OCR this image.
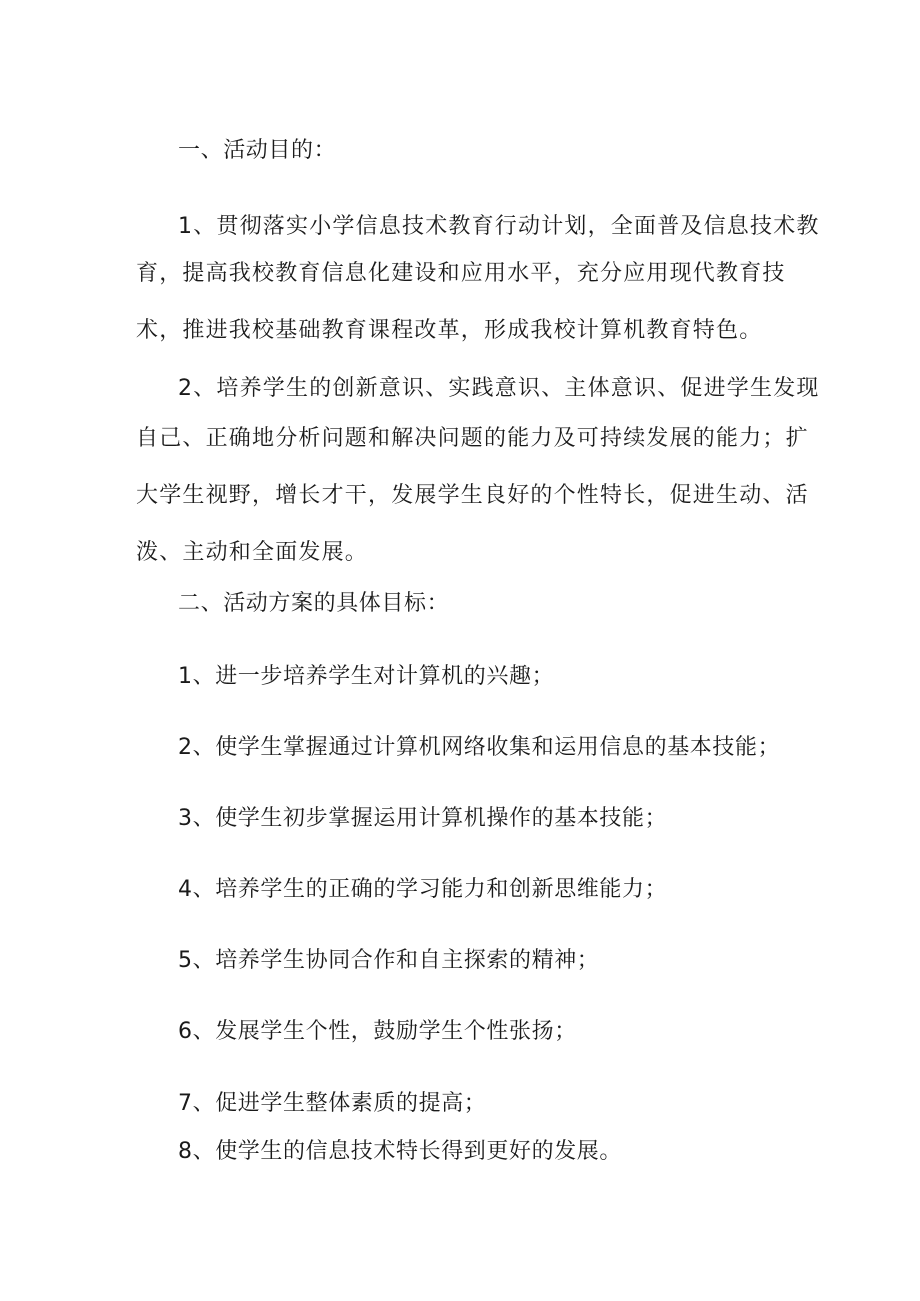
一、活动目的：
1、贯彻落实小学信息技术教育行动计划，全面普及信息技术教
育，提高我校教育信息化建设和应用水平，充分应用现代教育技
术，推进我校基础教育课程改革，形成我校计算机教育特色。
2、培养学生的创新意识、实践意识、主体意识、促进学生发现
自己、正确地分析问题和解决问题的能力及可持续发展的能力；扩
大学生视野，增长才干，发展学生良好的个性特长，促进生动、活
泼、主动和全面发展。
二、活动方案的具体目标：
1、进一步培养学生对计算机的兴趣；
2、使学生掌握通过计算机网络收集和运用信息的基本技能；
3、使学生初步掌握运用计算机操作的基本技能；
4、培养学生的正确的学习能力和创新思维能力；
5、培养学生协同合作和自主探索的精神；
6、发展学生个性，鼓励学生个性张扬；
7、促进学生整体素质的提高；
8、使学生的信息技术特长得到更好的发展。
